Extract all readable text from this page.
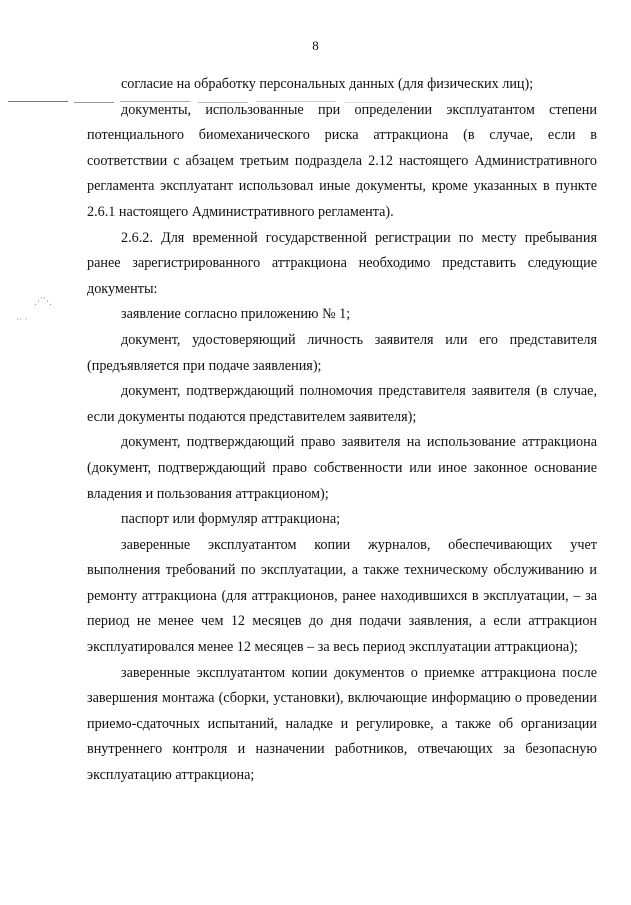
8
⋰⋱
·· ·

согласие на обработку персональных данных (для физических лиц);

документы, использованные при определении эксплуатантом степени потенциального биомеханического риска аттракциона (в случае, если в соответствии с абзацем третьим подраздела 2.12 настоящего Административного регламента эксплуатант использовал иные документы, кроме указанных в пункте 2.6.1 настоящего Административного регламента).

2.6.2. Для временной государственной регистрации по месту пребывания ранее зарегистрированного аттракциона необходимо представить следующие документы:

заявление согласно приложению № 1;

документ, удостоверяющий личность заявителя или его представителя (предъявляется при подаче заявления);

документ, подтверждающий полномочия представителя заявителя (в случае, если документы подаются представителем заявителя);

документ, подтверждающий право заявителя на использование аттракциона (документ, подтверждающий право собственности или иное законное основание владения и пользования аттракционом);

паспорт или формуляр аттракциона;

заверенные эксплуатантом копии журналов, обеспечивающих учет выполнения требований по эксплуатации, а также техническому обслуживанию и ремонту аттракциона (для аттракционов, ранее находившихся в эксплуатации, – за период не менее чем 12 месяцев до дня подачи заявления, а если аттракцион эксплуатировался менее 12 месяцев – за весь период эксплуатации аттракциона);

заверенные эксплуатантом копии документов о приемке аттракциона после завершения монтажа (сборки, установки), включающие информацию о проведении приемо-сдаточных испытаний, наладке и регулировке, а также об организации внутреннего контроля и назначении работников, отвечающих за безопасную эксплуатацию аттракциона;
